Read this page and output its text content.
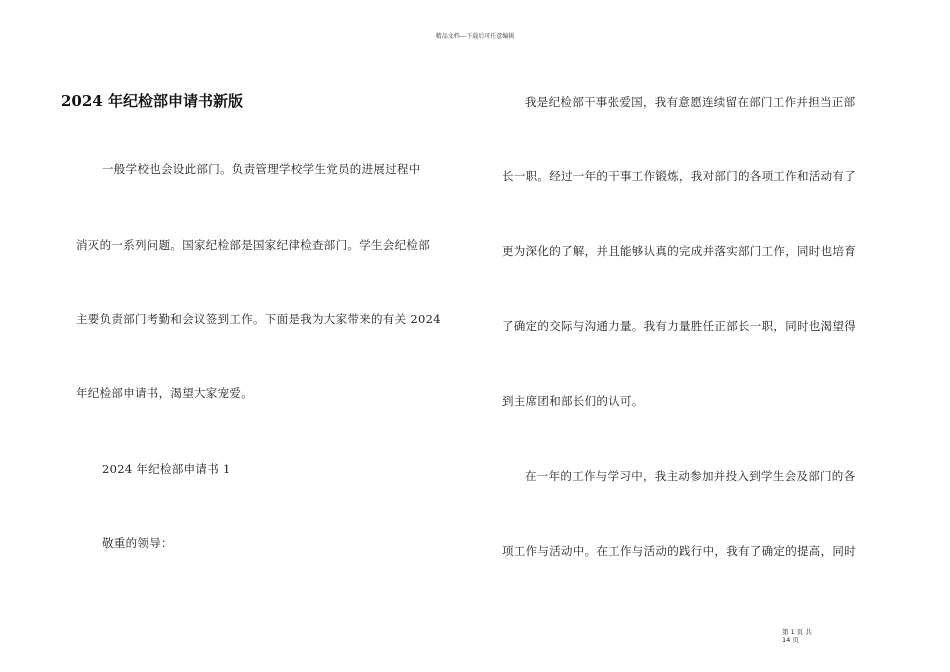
精品文档---下载后可任意编辑
2024 年纪检部申请书新版
一般学校也会设此部门。负责管理学校学生党员的进展过程中
消灭的一系列问题。国家纪检部是国家纪律检查部门。学生会纪检部
主要负责部门考勤和会议签到工作。下面是我为大家带来的有关 2024
年纪检部申请书，渴望大家宠爱。
2024 年纪检部申请书 1
敬重的领导：
我是纪检部干事张爱国，我有意愿连续留在部门工作并担当正部
长一职。经过一年的干事工作锻炼，我对部门的各项工作和活动有了
更为深化的了解，并且能够认真的完成并落实部门工作，同时也培育
了确定的交际与沟通力量。我有力量胜任正部长一职，同时也渴望得
到主席团和部长们的认可。
在一年的工作与学习中，我主动参加并投入到学生会及部门的各
项工作与活动中。在工作与活动的践行中，我有了确定的提高，同时
第 1 页 共 14 页
